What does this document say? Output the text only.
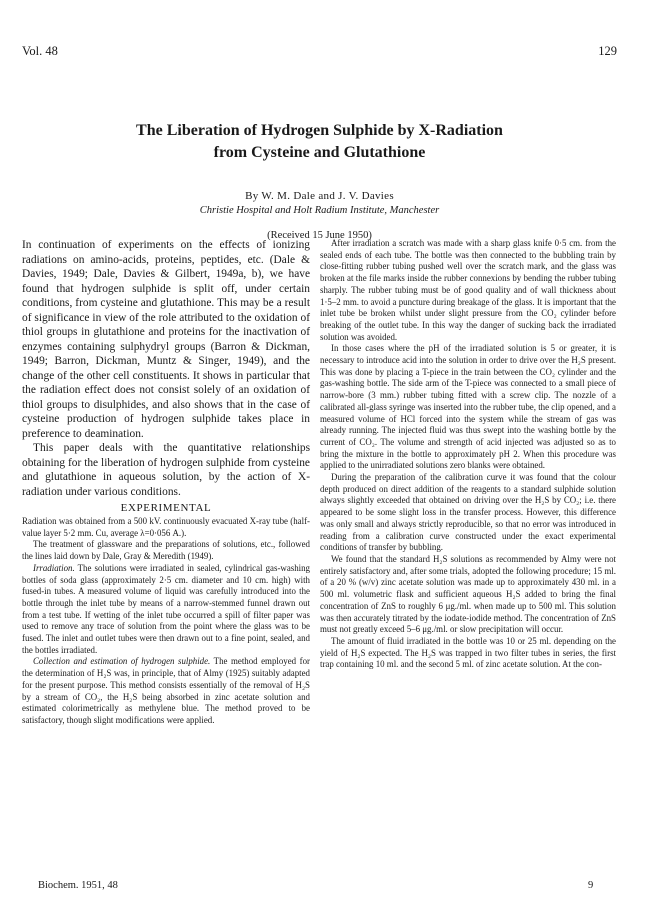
Vol. 48	129
The Liberation of Hydrogen Sulphide by X-Radiation
from Cysteine and Glutathione
By W. M. Dale and J. V. Davies
Christie Hospital and Holt Radium Institute, Manchester
(Received 15 June 1950)

In continuation of experiments on the effects of ionizing radiations on amino-acids, proteins, peptides, etc. (Dale & Davies, 1949; Dale, Davies & Gilbert, 1949a, b), we have found that hydrogen sulphide is split off, under certain conditions, from cysteine and glutathione. This may be a result of significance in view of the role attributed to the oxidation of thiol groups in glutathione and proteins for the inactivation of enzymes containing sulphydryl groups (Barron & Dickman, 1949; Barron, Dickman, Muntz & Singer, 1949), and the change of the other cell constituents. It shows in particular that the radiation effect does not consist solely of an oxidation of thiol groups to disulphides, and also shows that in the case of cysteine production of hydrogen sulphide takes place in preference to deamination.

This paper deals with the quantitative relationships obtaining for the liberation of hydrogen sulphide from cysteine and glutathione in aqueous solution, by the action of X-radiation under various conditions.

EXPERIMENTAL

Radiation was obtained from a 500 kV. continuously evacuated X-ray tube (half-value layer 5·2 mm. Cu, average λ=0·056 A.).

The treatment of glassware and the preparations of solutions, etc., followed the lines laid down by Dale, Gray & Meredith (1949).

Irradiation. The solutions were irradiated in sealed, cylindrical gas-washing bottles of soda glass (approximately 2·5 cm. diameter and 10 cm. high) with fused-in tubes. A measured volume of liquid was carefully introduced into the bottle through the inlet tube by means of a narrow-stemmed funnel drawn out from a test tube. If wetting of the inlet tube occurred a spill of filter paper was used to remove any trace of solution from the point where the glass was to be fused. The inlet and outlet tubes were then drawn out to a fine point, sealed, and the bottles irradiated.

Collection and estimation of hydrogen sulphide. The method employed for the determination of H₂S was, in principle, that of Almy (1925) suitably adapted for the present purpose. This method consists essentially of the removal of H₂S by a stream of CO₂, the H₂S being absorbed in zinc acetate solution and estimated colorimetrically as methylene blue. The method proved to be satisfactory, though slight modifications were applied.

After irradiation a scratch was made with a sharp glass knife 0·5 cm. from the sealed ends of each tube. The bottle was then connected to the bubbling train by close-fitting rubber tubing pushed well over the scratch mark, and the glass was broken at the file marks inside the rubber connexions by bending the rubber tubing sharply. The rubber tubing must be of good quality and of wall thickness about 1·5–2 mm. to avoid a puncture during breakage of the glass. It is important that the inlet tube be broken whilst under slight pressure from the CO₂ cylinder before breaking of the outlet tube. In this way the danger of sucking back the irradiated solution was avoided.

In those cases where the pH of the irradiated solution is 5 or greater, it is necessary to introduce acid into the solution in order to drive over the H₂S present. This was done by placing a T-piece in the train between the CO₂ cylinder and the gas-washing bottle. The side arm of the T-piece was connected to a small piece of narrow-bore (3 mm.) rubber tubing fitted with a screw clip. The nozzle of a calibrated all-glass syringe was inserted into the rubber tube, the clip opened, and a measured volume of HCl forced into the system while the stream of gas was already running. The injected fluid was thus swept into the washing bottle by the current of CO₂. The volume and strength of acid injected was adjusted so as to bring the mixture in the bottle to approximately pH 2. When this procedure was applied to the unirradiated solutions zero blanks were obtained.

During the preparation of the calibration curve it was found that the colour depth produced on direct addition of the reagents to a standard sulphide solution always slightly exceeded that obtained on driving over the H₂S by CO₂; i.e. there appeared to be some slight loss in the transfer process. However, this difference was only small and always strictly reproducible, so that no error was introduced in reading from a calibration curve constructed under the exact experimental conditions of transfer by bubbling.

We found that the standard H₂S solutions as recommended by Almy were not entirely satisfactory and, after some trials, adopted the following procedure; 15 ml. of a 20 % (w/v) zinc acetate solution was made up to approximately 430 ml. in a 500 ml. volumetric flask and sufficient aqueous H₂S added to bring the final concentration of ZnS to roughly 6 μg./ml. when made up to 500 ml. This solution was then accurately titrated by the iodate-iodide method. The concentration of ZnS must not greatly exceed 5–6 μg./ml. or slow precipitation will occur.

The amount of fluid irradiated in the bottle was 10 or 25 ml. depending on the yield of H₂S expected. The H₂S was trapped in two filter tubes in series, the first trap containing 10 ml. and the second 5 ml. of zinc acetate solution. At the con-

Biochem. 1951, 48	9
